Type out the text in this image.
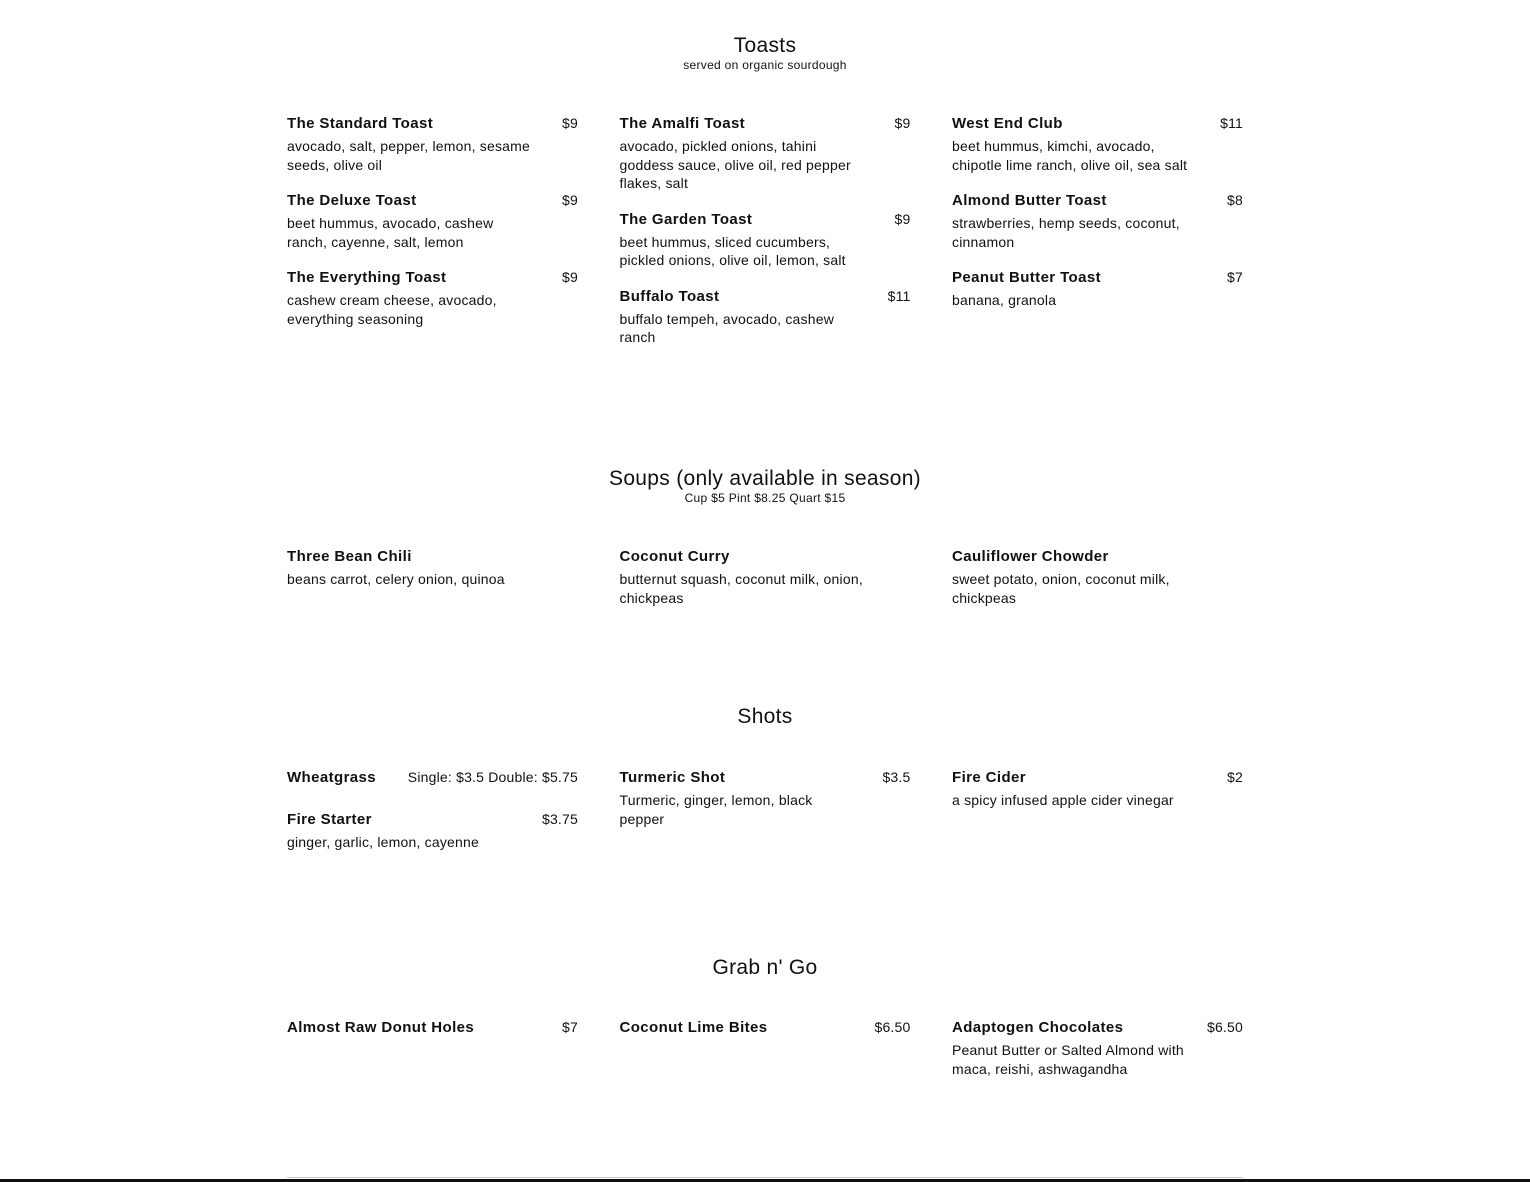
Toasts
served on organic sourdough
The Standard Toast	$9
avocado, salt, pepper, lemon, sesame seeds, olive oil
The Deluxe Toast	$9
beet hummus, avocado, cashew ranch, cayenne, salt, lemon
The Everything Toast	$9
cashew cream cheese, avocado, everything seasoning
The Amalfi Toast	$9
avocado, pickled onions, tahini goddess sauce, olive oil, red pepper flakes, salt
The Garden Toast	$9
beet hummus, sliced cucumbers, pickled onions, olive oil, lemon, salt
Buffalo Toast	$11
buffalo tempeh, avocado, cashew ranch
West End Club	$11
beet hummus, kimchi, avocado, chipotle lime ranch, olive oil, sea salt
Almond Butter Toast	$8
strawberries, hemp seeds, coconut, cinnamon
Peanut Butter Toast	$7
banana, granola
Soups (only available in season)
Cup $5 Pint $8.25 Quart $15
Three Bean Chili
beans carrot, celery onion, quinoa
Coconut Curry
butternut squash, coconut milk, onion, chickpeas
Cauliflower Chowder
sweet potato, onion, coconut milk, chickpeas
Shots
Wheatgrass Single: $3.5 Double: $5.75
Fire Starter	$3.75
ginger, garlic, lemon, cayenne
Turmeric Shot	$3.5
Turmeric, ginger, lemon, black pepper
Fire Cider	$2
a spicy infused apple cider vinegar
Grab n' Go
Almost Raw Donut Holes	$7	Coconut Lime Bites	$6.50	Adaptogen Chocolates	$6.50
Peanut Butter or Salted Almond with maca, reishi, ashwagandha
